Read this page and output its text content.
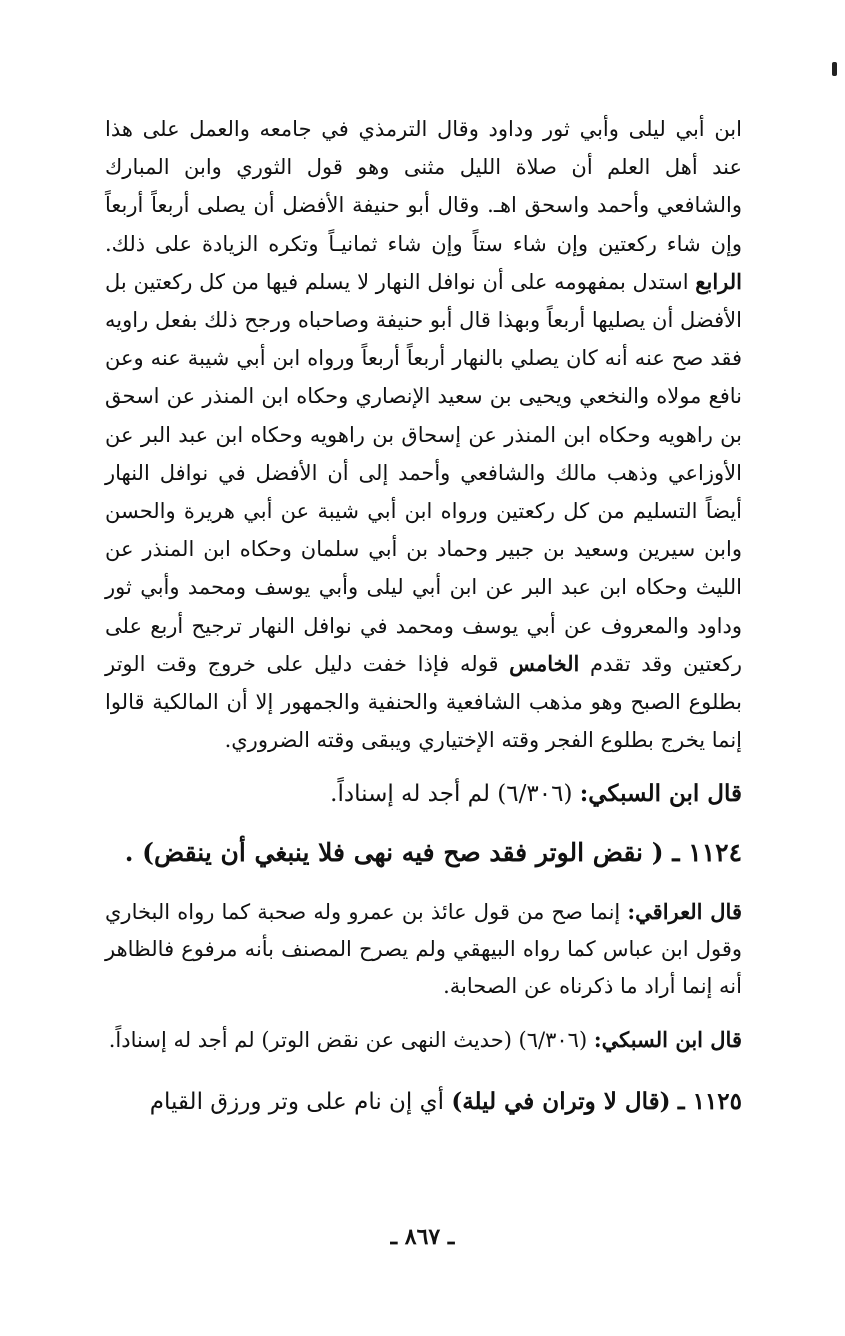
ابن أبي ليلى وأبي ثور وداود وقال الترمذي في جامعه والعمل على هذا عند أهل العلم أن صلاة الليل مثنى وهو قول الثوري وابن المبارك والشافعي وأحمد واسحق اهـ. وقال أبو حنيفة الأفضل أن يصلى أربعاً أربعاً وإن شاء ركعتين وإن شاء ستاً وإن شاء ثمانيـاً وتكره الزيادة على ذلك. الرابع استدل بمفهومه على أن نوافل النهار لا يسلم فيها من كل ركعتين بل الأفضل أن يصليها أربعاً وبهذا قال أبو حنيفة وصاحباه ورجح ذلك بفعل راويه فقد صح عنه أنه كان يصلي بالنهار أربعاً أربعاً ورواه ابن أبي شيبة عنه وعن نافع مولاه والنخعي ويحيى بن سعيد الإنصاري وحكاه ابن المنذر عن اسحق بن راهويه وحكاه ابن المنذر عن إسحاق بن راهويه وحكاه ابن عبد البر عن الأوزاعي وذهب مالك والشافعي وأحمد إلى أن الأفضل في نوافل النهار أيضاً التسليم من كل ركعتين ورواه ابن أبي شيبة عن أبي هريرة والحسن وابن سيرين وسعيد بن جبير وحماد بن أبي سلمان وحكاه ابن المنذر عن الليث وحكاه ابن عبد البر عن ابن أبي ليلى وأبي يوسف ومحمد وأبي ثور وداود والمعروف عن أبي يوسف ومحمد في نوافل النهار ترجيح أربع على ركعتين وقد تقدم الخامس قوله فإذا خفت دليل على خروج وقت الوتر بطلوع الصبح وهو مذهب الشافعية والحنفية والجمهور إلا أن المالكية قالوا إنما يخرج بطلوع الفجر وقته الإختياري ويبقى وقته الضروري.

قال ابن السبكي: (٦/٣٠٦) لم أجد له إسناداً.

١١٢٤ ـ ( نقض الوتر فقد صح فيه نهى فلا ينبغي أن ينقض) .

قال العراقي: إنما صح من قول عائذ بن عمرو وله صحبة كما رواه البخاري وقول ابن عباس كما رواه البيهقي ولم يصرح المصنف بأنه مرفوع فالظاهر أنه إنما أراد ما ذكرناه عن الصحابة.

قال ابن السبكي: (٦/٣٠٦) (حديث النهى عن نقض الوتر) لم أجد له إسناداً.

١١٢٥ ـ (قال لا وتران في ليلة) أي إن نام على وتر ورزق القيام

ـ ٨٦٧ ـ
